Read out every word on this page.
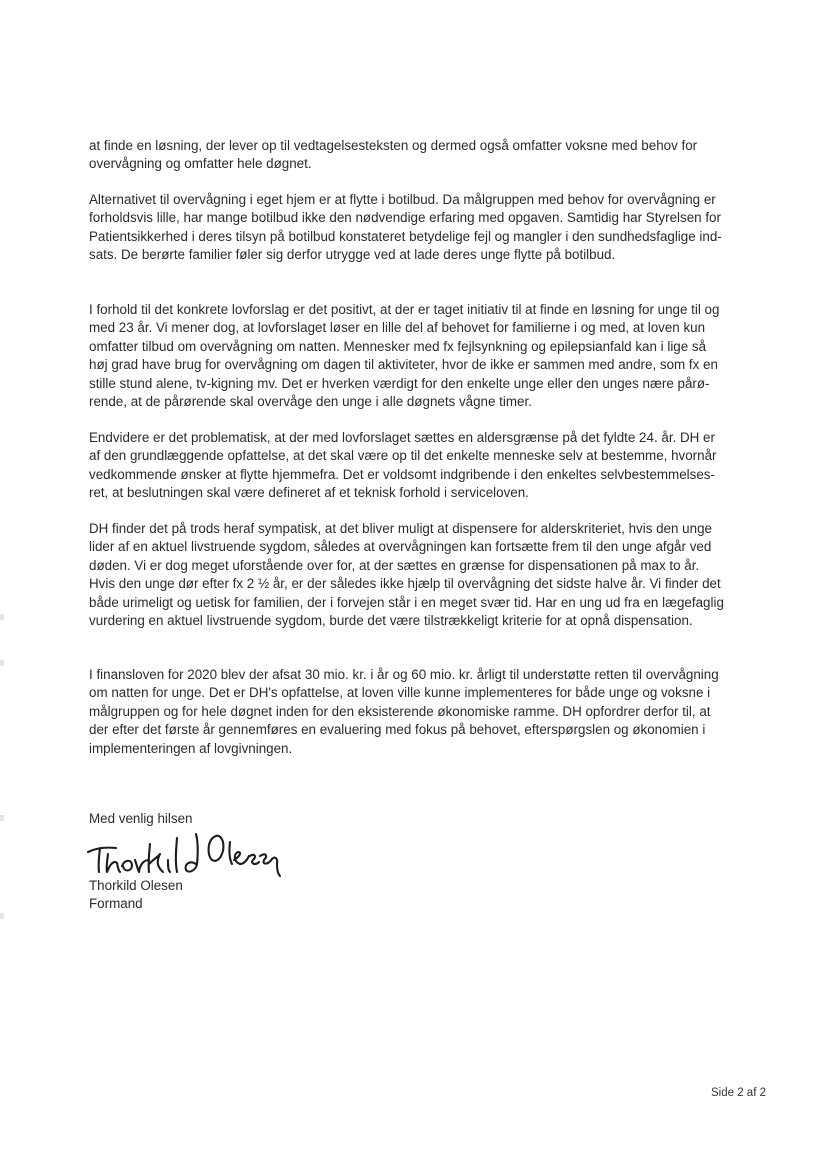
at finde en løsning, der lever op til vedtagelsesteksten og dermed også omfatter voksne med behov for
overvågning og omfatter hele døgnet.

Alternativet til overvågning i eget hjem er at flytte i botilbud. Da målgruppen med behov for overvågning er
forholdsvis lille, har mange botilbud ikke den nødvendige erfaring med opgaven. Samtidig har Styrelsen for
Patientsikkerhed i deres tilsyn på botilbud konstateret betydelige fejl og mangler i den sundhedsfaglige ind-
sats. De berørte familier føler sig derfor utrygge ved at lade deres unge flytte på botilbud.

I forhold til det konkrete lovforslag er det positivt, at der er taget initiativ til at finde en løsning for unge til og
med 23 år. Vi mener dog, at lovforslaget løser en lille del af behovet for familierne i og med, at loven kun
omfatter tilbud om overvågning om natten. Mennesker med fx fejlsynkning og epilepsianfald kan i lige så
høj grad have brug for overvågning om dagen til aktiviteter, hvor de ikke er sammen med andre, som fx en
stille stund alene, tv-kigning mv. Det er hverken værdigt for den enkelte unge eller den unges nære pårø-
rende, at de pårørende skal overvåge den unge i alle døgnets vågne timer.

Endvidere er det problematisk, at der med lovforslaget sættes en aldersgrænse på det fyldte 24. år. DH er
af den grundlæggende opfattelse, at det skal være op til det enkelte menneske selv at bestemme, hvornår
vedkommende ønsker at flytte hjemmefra. Det er voldsomt indgribende i den enkeltes selvbestemmelses-
ret, at beslutningen skal være defineret af et teknisk forhold i serviceloven.

DH finder det på trods heraf sympatisk, at det bliver muligt at dispensere for alderskriteriet, hvis den unge
lider af en aktuel livstruende sygdom, således at overvågningen kan fortsætte frem til den unge afgår ved
døden. Vi er dog meget uforstående over for, at der sættes en grænse for dispensationen på max to år.
Hvis den unge dør efter fx 2 ½ år, er der således ikke hjælp til overvågning det sidste halve år. Vi finder det
både urimeligt og uetisk for familien, der i forvejen står i en meget svær tid. Har en ung ud fra en lægefaglig
vurdering en aktuel livstruende sygdom, burde det være tilstrækkeligt kriterie for at opnå dispensation.

I finansloven for 2020 blev der afsat 30 mio. kr. i år og 60 mio. kr. årligt til understøtte retten til overvågning
om natten for unge. Det er DH's opfattelse, at loven ville kunne implementeres for både unge og voksne i
målgruppen og for hele døgnet inden for den eksisterende økonomiske ramme. DH opfordrer derfor til, at
der efter det første år gennemføres en evaluering med fokus på behovet, efterspørgslen og økonomien i
implementeringen af lovgivningen.

Med venlig hilsen
Thorkild Olesen
Formand
Side 2 af 2
